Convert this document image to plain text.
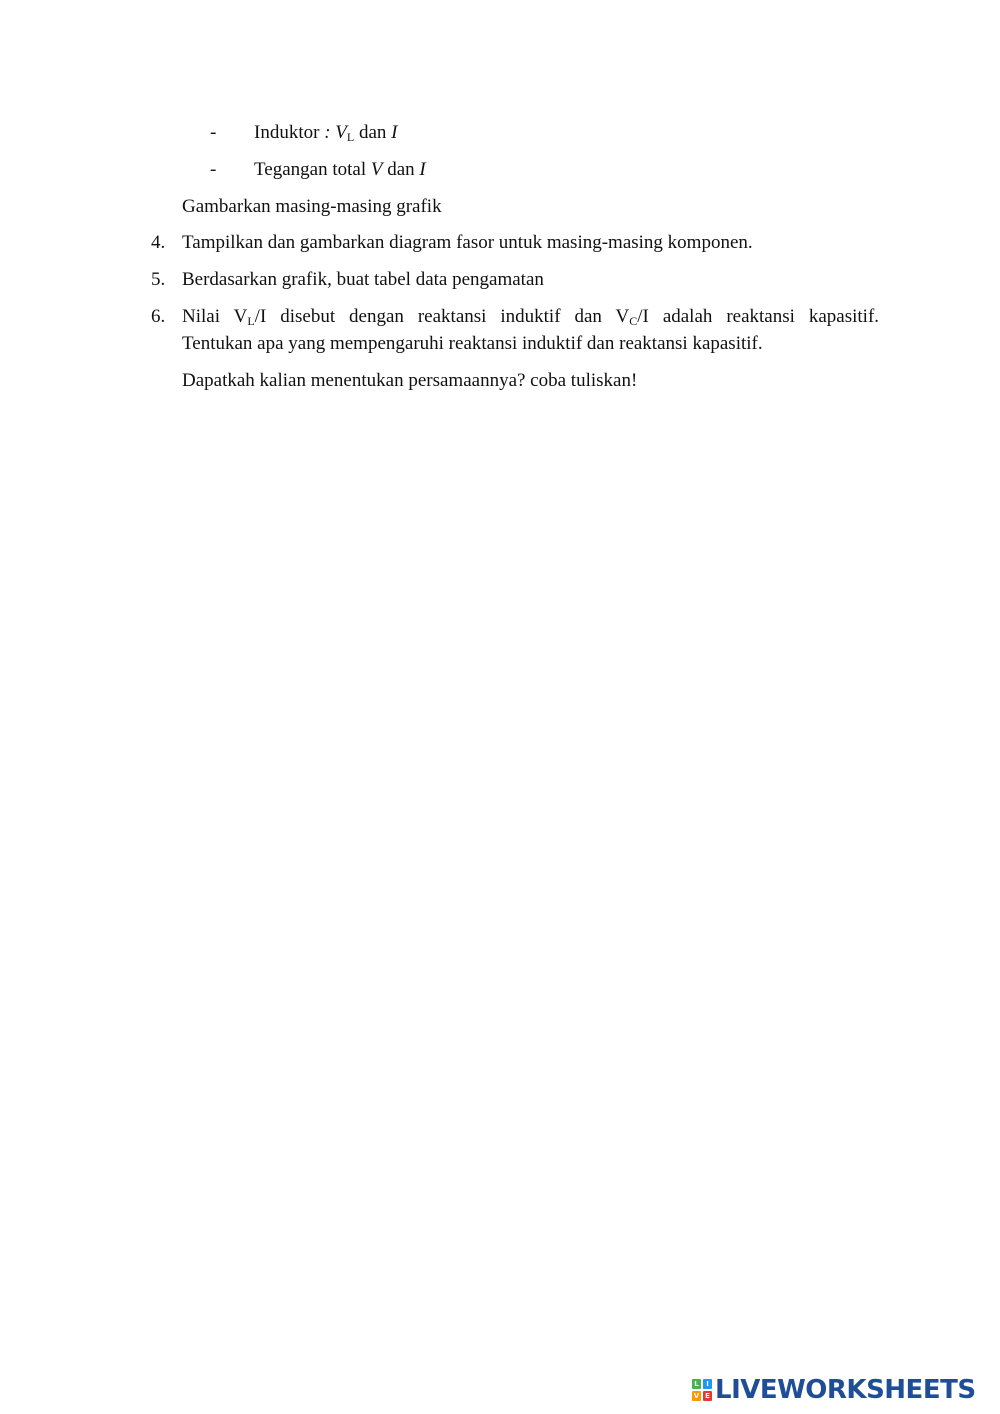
- Induktor : $V_L$ dan I
- Tegangan total V dan I
Gambarkan masing-masing grafik
4. Tampilkan dan gambarkan diagram fasor untuk masing-masing komponen.
5. Berdasarkan grafik, buat tabel data pengamatan
6. Nilai $V_L/I$ disebut dengan reaktansi induktif dan $V_C/I$ adalah reaktansi kapasitif.
Tentukan apa yang mempengaruhi reaktansi induktif dan reaktansi kapasitif.
Dapatkah kalian menentukan persamaannya? coba tuliskan!
L	I
V E LIVEWORKSHEETS
